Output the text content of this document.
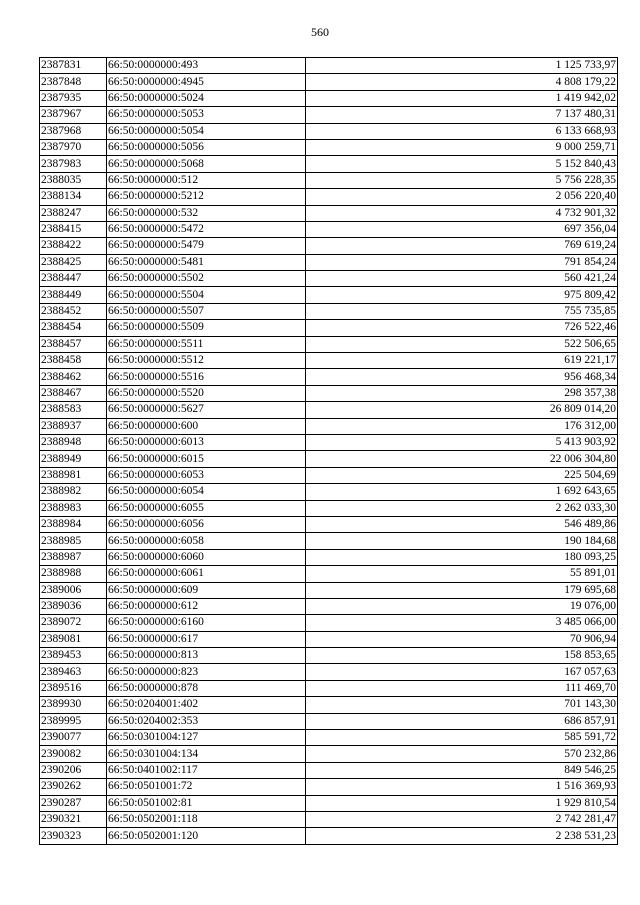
560
2387831	66:50:0000000:493	1 125 733,97
2387848	66:50:0000000:4945	4 808 179,22
2387935	66:50:0000000:5024	1 419 942,02
2387967	66:50:0000000:5053	7 137 480,31
2387968	66:50:0000000:5054	6 133 668,93
2387970	66:50:0000000:5056	9 000 259,71
2387983	66:50:0000000:5068	5 152 840,43
2388035	66:50:0000000:512	5 756 228,35
2388134	66:50:0000000:5212	2 056 220,40
2388247	66:50:0000000:532	4 732 901,32
2388415	66:50:0000000:5472	697 356,04
2388422	66:50:0000000:5479	769 619,24
2388425	66:50:0000000:5481	791 854,24
2388447	66:50:0000000:5502	560 421,24
2388449	66:50:0000000:5504	975 809,42
2388452	66:50:0000000:5507	755 735,85
2388454	66:50:0000000:5509	726 522,46
2388457	66:50:0000000:5511	522 506,65
2388458	66:50:0000000:5512	619 221,17
2388462	66:50:0000000:5516	956 468,34
2388467	66:50:0000000:5520	298 357,38
2388583	66:50:0000000:5627	26 809 014,20
2388937	66:50:0000000:600	176 312,00
2388948	66:50:0000000:6013	5 413 903,92
2388949	66:50:0000000:6015	22 006 304,80
2388981	66:50:0000000:6053	225 504,69
2388982	66:50:0000000:6054	1 692 643,65
2388983	66:50:0000000:6055	2 262 033,30
2388984	66:50:0000000:6056	546 489,86
2388985	66:50:0000000:6058	190 184,68
2388987	66:50:0000000:6060	180 093,25
2388988	66:50:0000000:6061	55 891,01
2389006	66:50:0000000:609	179 695,68
2389036	66:50:0000000:612	19 076,00
2389072	66:50:0000000:6160	3 485 066,00
2389081	66:50:0000000:617	70 906,94
2389453	66:50:0000000:813	158 853,65
2389463	66:50:0000000:823	167 057,63
2389516	66:50:0000000:878	111 469,70
2389930	66:50:0204001:402	701 143,30
2389995	66:50:0204002:353	686 857,91
2390077	66:50:0301004:127	585 591,72
2390082	66:50:0301004:134	570 232,86
2390206	66:50:0401002:117	849 546,25
2390262	66:50:0501001:72	1 516 369,93
2390287	66:50:0501002:81	1 929 810,54
2390321	66:50:0502001:118	2 742 281,47
2390323	66:50:0502001:120	2 238 531,23
